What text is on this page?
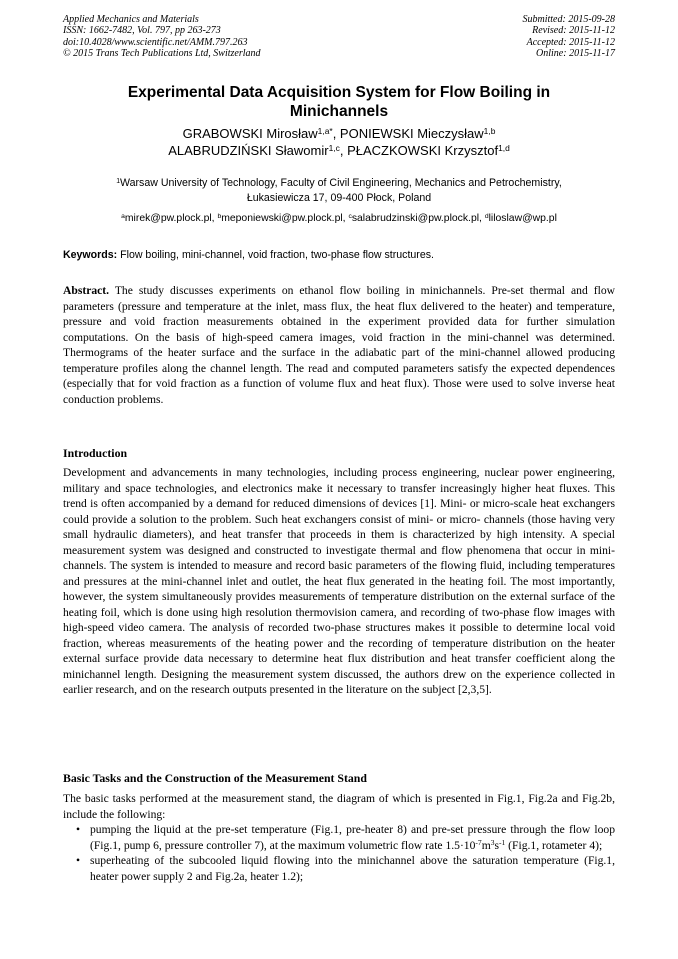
Applied Mechanics and Materials
ISSN: 1662-7482, Vol. 797, pp 263-273
doi:10.4028/www.scientific.net/AMM.797.263
© 2015 Trans Tech Publications Ltd, Switzerland
Submitted: 2015-09-28
Revised: 2015-11-12
Accepted: 2015-11-12
Online: 2015-11-17
Experimental Data Acquisition System for Flow Boiling in Minichannels
GRABOWSKI Mirosław$^{1,a*}$, PONIEWSKI Mieczysław$^{1,b}$
ALABRUDZIŃSKI Sławomir$^{1,c}$, PŁACZKOWSKI Krzysztof$^{1,d}$
$^1$Warsaw University of Technology, Faculty of Civil Engineering, Mechanics and Petrochemistry,
Łukasiewicza 17, 09-400 Płock, Poland
$^a$mirek@pw.plock.pl, $^b$meponiewski@pw.plock.pl, $^c$salabrudzinski@pw.plock.pl, $^d$liloslaw@wp.pl
Keywords: Flow boiling, mini-channel, void fraction, two-phase flow structures.
Abstract. The study discusses experiments on ethanol flow boiling in minichannels. Pre-set thermal and flow parameters (pressure and temperature at the inlet, mass flux, the heat flux delivered to the heater) and temperature, pressure and void fraction measurements obtained in the experiment provided data for further simulation computations. On the basis of high-speed camera images, void fraction in the mini-channel was determined. Thermograms of the heater surface and the surface in the adiabatic part of the mini-channel allowed producing temperature profiles along the channel length. The read and computed parameters satisfy the expected dependences (especially that for void fraction as a function of volume flux and heat flux). Those were used to solve inverse heat conduction problems.
Introduction
Development and advancements in many technologies, including process engineering, nuclear power engineering, military and space technologies, and electronics make it necessary to transfer increasingly higher heat fluxes. This trend is often accompanied by a demand for reduced dimensions of devices [1]. Mini- or micro-scale heat exchangers could provide a solution to the problem. Such heat exchangers consist of mini- or micro- channels (those having very small hydraulic diameters), and heat transfer that proceeds in them is characterized by high intensity. A special measurement system was designed and constructed to investigate thermal and flow phenomena that occur in mini-channels. The system is intended to measure and record basic parameters of the flowing fluid, including temperatures and pressures at the mini-channel inlet and outlet, the heat flux generated in the heating foil. The most importantly, however, the system simultaneously provides measurements of temperature distribution on the external surface of the heating foil, which is done using high resolution thermovision camera, and recording of two-phase flow images with high-speed video camera. The analysis of recorded two-phase structures makes it possible to determine local void fraction, whereas measurements of the heating power and the recording of temperature distribution on the heater external surface provide data necessary to determine heat flux distribution and heat transfer coefficient along the minichannel length. Designing the measurement system discussed, the authors drew on the experience collected in earlier research, and on the research outputs presented in the literature on the subject [2,3,5].
Basic Tasks and the Construction of the Measurement Stand
The basic tasks performed at the measurement stand, the diagram of which is presented in Fig.1, Fig.2a and Fig.2b, include the following:
• pumping the liquid at the pre-set temperature (Fig.1, pre-heater 8) and pre-set pressure through the flow loop (Fig.1, pump 6, pressure controller 7), at the maximum volumetric flow rate $1.5\cdot 10^{-7}m^3s^{-1}$ (Fig.1, rotameter 4);
• superheating of the subcooled liquid flowing into the minichannel above the saturation temperature (Fig.1, heater power supply 2 and Fig.2a, heater 1.2);
